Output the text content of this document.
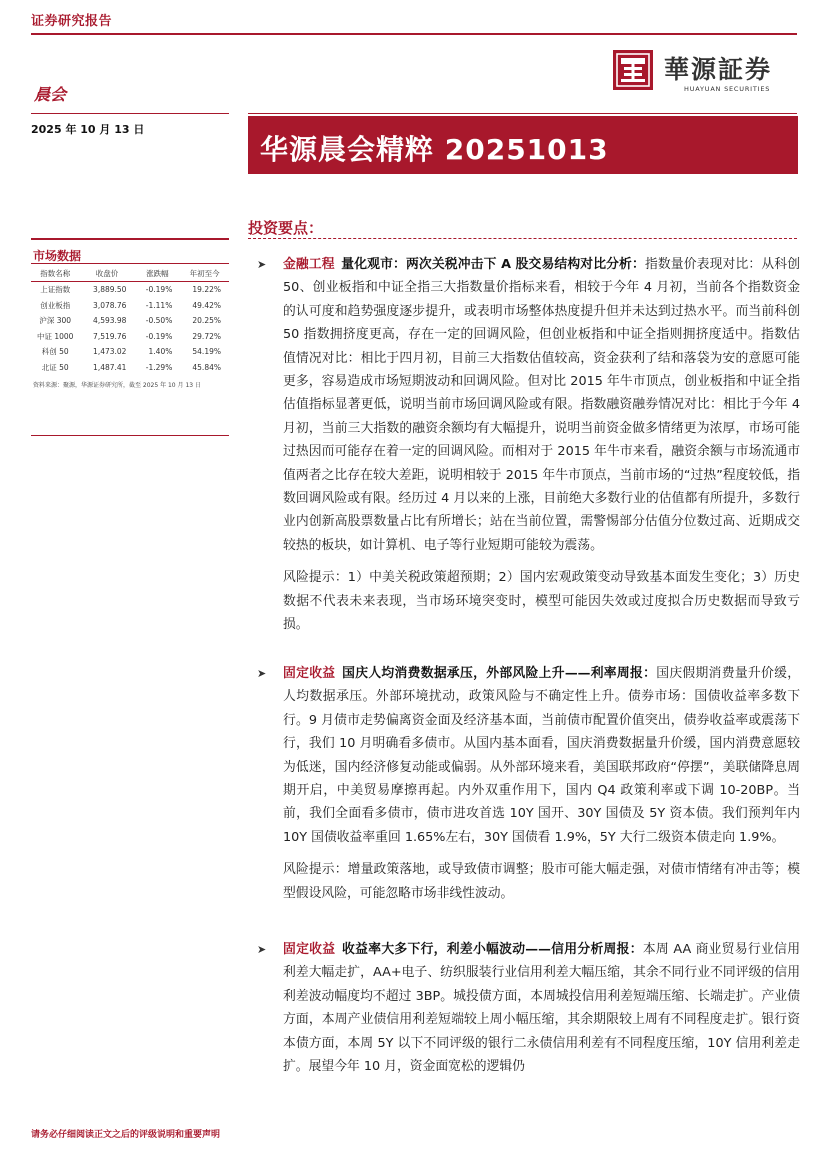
证券研究报告
華源証券
HUAYUAN SECURITIES
晨会
2025 年 10 月 13 日
华源晨会精粹 20251013
投资要点：
市场数据
指数名称	收盘价	涨跌幅	年初至今
上证指数	3,889.50	-0.19%	19.22%
创业板指	3,078.76	-1.11%	49.42%
沪深 300	4,593.98	-0.50%	20.25%
中证 1000	7,519.76	-0.19%	29.72%
科创 50	1,473.02	1.40%	54.19%
北证 50	1,487.41	-1.29%	45.84%
资料来源：聚源，华源证券研究所，截至 2025 年 10 月 13 日
➤ 金融工程  量化观市：两次关税冲击下 A 股交易结构对比分析：指数量价表现对比：从科创 50、创业板指和中证全指三大指数量价指标来看，相较于今年 4 月初，当前各个指数资金的认可度和趋势强度逐步提升，或表明市场整体热度提升但并未达到过热水平。而当前科创 50 指数拥挤度更高，存在一定的回调风险，但创业板指和中证全指则拥挤度适中。指数估值情况对比：相比于四月初，目前三大指数估值较高，资金获利了结和落袋为安的意愿可能更多，容易造成市场短期波动和回调风险。但对比 2015 年牛市顶点，创业板指和中证全指估值指标显著更低，说明当前市场回调风险或有限。指数融资融券情况对比：相比于今年 4 月初，当前三大指数的融资余额均有大幅提升，说明当前资金做多情绪更为浓厚，市场可能过热因而可能存在着一定的回调风险。而相对于 2015 年牛市来看，融资余额与市场流通市值两者之比存在较大差距，说明相较于 2015 年牛市顶点，当前市场的“过热”程度较低，指数回调风险或有限。经历过 4 月以来的上涨，目前绝大多数行业的估值都有所提升，多数行业内创新高股票数量占比有所增长；站在当前位置，需警惕部分估值分位数过高、近期成交较热的板块，如计算机、电子等行业短期可能较为震荡。
风险提示：1）中美关税政策超预期；2）国内宏观政策变动导致基本面发生变化；3）历史数据不代表未来表现，当市场环境突变时，模型可能因失效或过度拟合历史数据而导致亏损。
➤ 固定收益  国庆人均消费数据承压，外部风险上升——利率周报：国庆假期消费量升价缓，人均数据承压。外部环境扰动，政策风险与不确定性上升。债券市场：国债收益率多数下行。9 月债市走势偏离资金面及经济基本面，当前债市配置价值突出，债券收益率或震荡下行，我们 10 月明确看多债市。从国内基本面看，国庆消费数据量升价缓，国内消费意愿较为低迷，国内经济修复动能或偏弱。从外部环境来看，美国联邦政府“停摆”，美联储降息周期开启，中美贸易摩擦再起。内外双重作用下，国内 Q4 政策利率或下调 10-20BP。当前，我们全面看多债市，债市进攻首选 10Y 国开、30Y 国债及 5Y 资本债。我们预判年内 10Y 国债收益率重回 1.65%左右，30Y 国债看 1.9%，5Y 大行二级资本债走向 1.9%。
风险提示：增量政策落地，或导致债市调整；股市可能大幅走强，对债市情绪有冲击等；模型假设风险，可能忽略市场非线性波动。
➤ 固定收益  收益率大多下行，利差小幅波动——信用分析周报：本周 AA 商业贸易行业信用利差大幅走扩，AA+电子、纺织服装行业信用利差大幅压缩，其余不同行业不同评级的信用利差波动幅度均不超过 3BP。城投债方面，本周城投信用利差短端压缩、长端走扩。产业债方面，本周产业债信用利差短端较上周小幅压缩，其余期限较上周有不同程度走扩。银行资本债方面，本周 5Y 以下不同评级的银行二永债信用利差有不同程度压缩，10Y 信用利差走扩。展望今年 10 月，资金面宽松的逻辑仍
请务必仔细阅读正文之后的评级说明和重要声明
